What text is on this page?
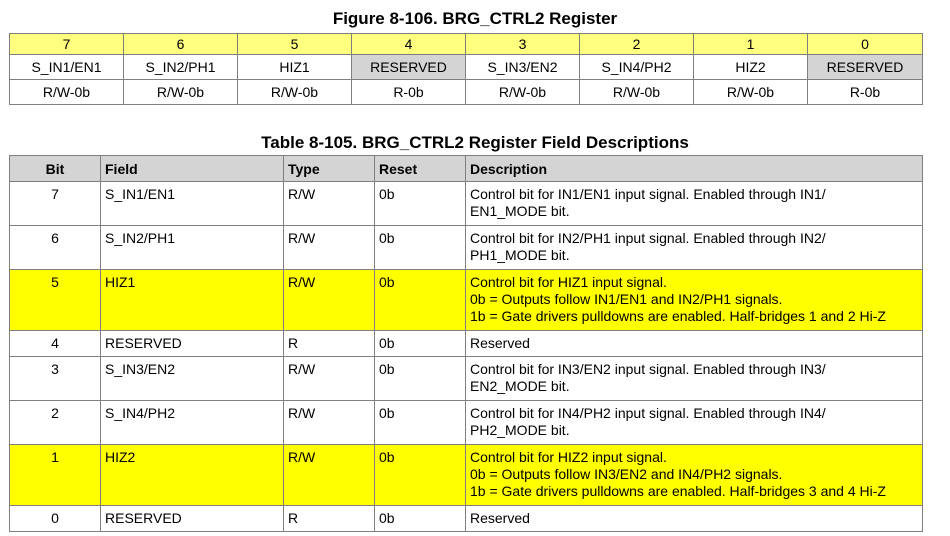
Figure 8-106. BRG_CTRL2 Register
7	6	5	4	3	2	1	0
S_IN1/EN1	S_IN2/PH1	HIZ1	RESERVED	S_IN3/EN2	S_IN4/PH2	HIZ2	RESERVED
R/W-0b	R/W-0b	R/W-0b	R-0b	R/W-0b	R/W-0b	R/W-0b	R-0b
Table 8-105. BRG_CTRL2 Register Field Descriptions
Bit	Field	Type	Reset	Description
7	S_IN1/EN1	R/W	0b	Control bit for IN1/EN1 input signal. Enabled through IN1/
EN1_MODE bit.

6	S_IN2/PH1	R/W	0b	Control bit for IN2/PH1 input signal. Enabled through IN2/
PH1_MODE bit.

5	HIZ1	R/W	0b	Control bit for HIZ1 input signal.
0b = Outputs follow IN1/EN1 and IN2/PH1 signals.
1b = Gate drivers pulldowns are enabled. Half-bridges 1 and 2 Hi-Z

4	RESERVED	R	0b	Reserved

3	S_IN3/EN2	R/W	0b	Control bit for IN3/EN2 input signal. Enabled through IN3/
EN2_MODE bit.

2	S_IN4/PH2	R/W	0b	Control bit for IN4/PH2 input signal. Enabled through IN4/
PH2_MODE bit.

1	HIZ2	R/W	0b	Control bit for HIZ2 input signal.
0b = Outputs follow IN3/EN2 and IN4/PH2 signals.
1b = Gate drivers pulldowns are enabled. Half-bridges 3 and 4 Hi-Z

0	RESERVED	R	0b	Reserved
